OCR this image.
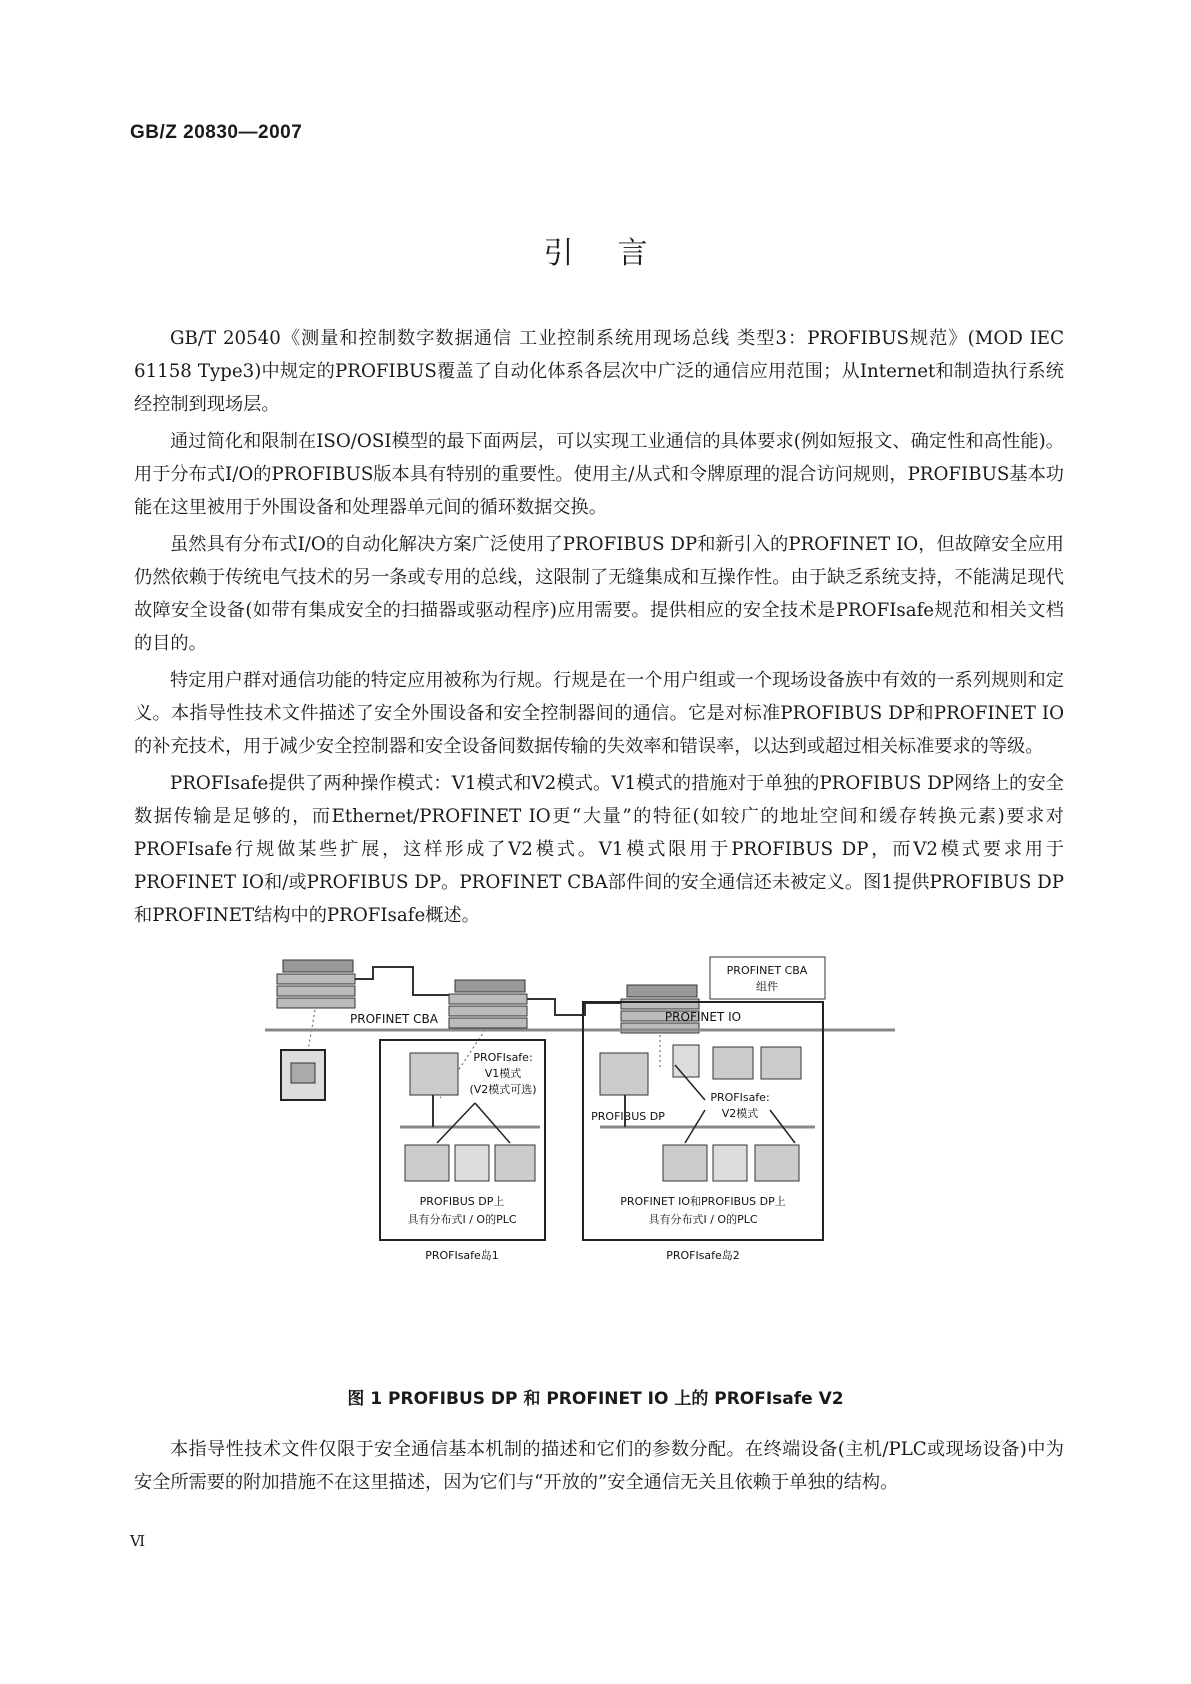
GB/Z 20830—2007
引言

GB/T 20540《测量和控制数字数据通信 工业控制系统用现场总线 类型3：PROFIBUS规范》(MOD IEC 61158 Type3)中规定的PROFIBUS覆盖了自动化体系各层次中广泛的通信应用范围；从Internet和制造执行系统经控制到现场层。

通过简化和限制在ISO/OSI模型的最下面两层，可以实现工业通信的具体要求(例如短报文、确定性和高性能)。用于分布式I/O的PROFIBUS版本具有特别的重要性。使用主/从式和令牌原理的混合访问规则，PROFIBUS基本功能在这里被用于外围设备和处理器单元间的循环数据交换。

虽然具有分布式I/O的自动化解决方案广泛使用了PROFIBUS DP和新引入的PROFINET IO，但故障安全应用仍然依赖于传统电气技术的另一条或专用的总线，这限制了无缝集成和互操作性。由于缺乏系统支持，不能满足现代故障安全设备(如带有集成安全的扫描器或驱动程序)应用需要。提供相应的安全技术是PROFIsafe规范和相关文档的目的。

特定用户群对通信功能的特定应用被称为行规。行规是在一个用户组或一个现场设备族中有效的一系列规则和定义。本指导性技术文件描述了安全外围设备和安全控制器间的通信。它是对标准PROFIBUS DP和PROFINET IO的补充技术，用于减少安全控制器和安全设备间数据传输的失效率和错误率，以达到或超过相关标准要求的等级。

PROFIsafe提供了两种操作模式：V1模式和V2模式。V1模式的措施对于单独的PROFIBUS DP网络上的安全数据传输是足够的，而Ethernet/PROFINET IO更“大量”的特征(如较广的地址空间和缓存转换元素)要求对PROFIsafe行规做某些扩展，这样形成了V2模式。V1模式限用于PROFIBUS DP，而V2模式要求用于PROFINET IO和/或PROFIBUS DP。PROFINET CBA部件间的安全通信还未被定义。图1提供PROFIBUS DP和PROFINET结构中的PROFIsafe概述。

PROFINET CBA
组件
PROFINET CBA	PROFINET IO
PROFIsafe:
V1模式
(V2模式可选)
PROFIBUS DP上
具有分布式I / O的PLC
PROFIsafe岛1
PROFIBUS DP
PROFIsafe:
V2模式
PROFINET IO和PROFIBUS DP上
具有分布式I / O的PLC
PROFIsafe岛2
图 1 PROFIBUS DP 和 PROFINET IO 上的 PROFIsafe V2

本指导性技术文件仅限于安全通信基本机制的描述和它们的参数分配。在终端设备(主机/PLC或现场设备)中为安全所需要的附加措施不在这里描述，因为它们与“开放的”安全通信无关且依赖于单独的结构。

Ⅵ
